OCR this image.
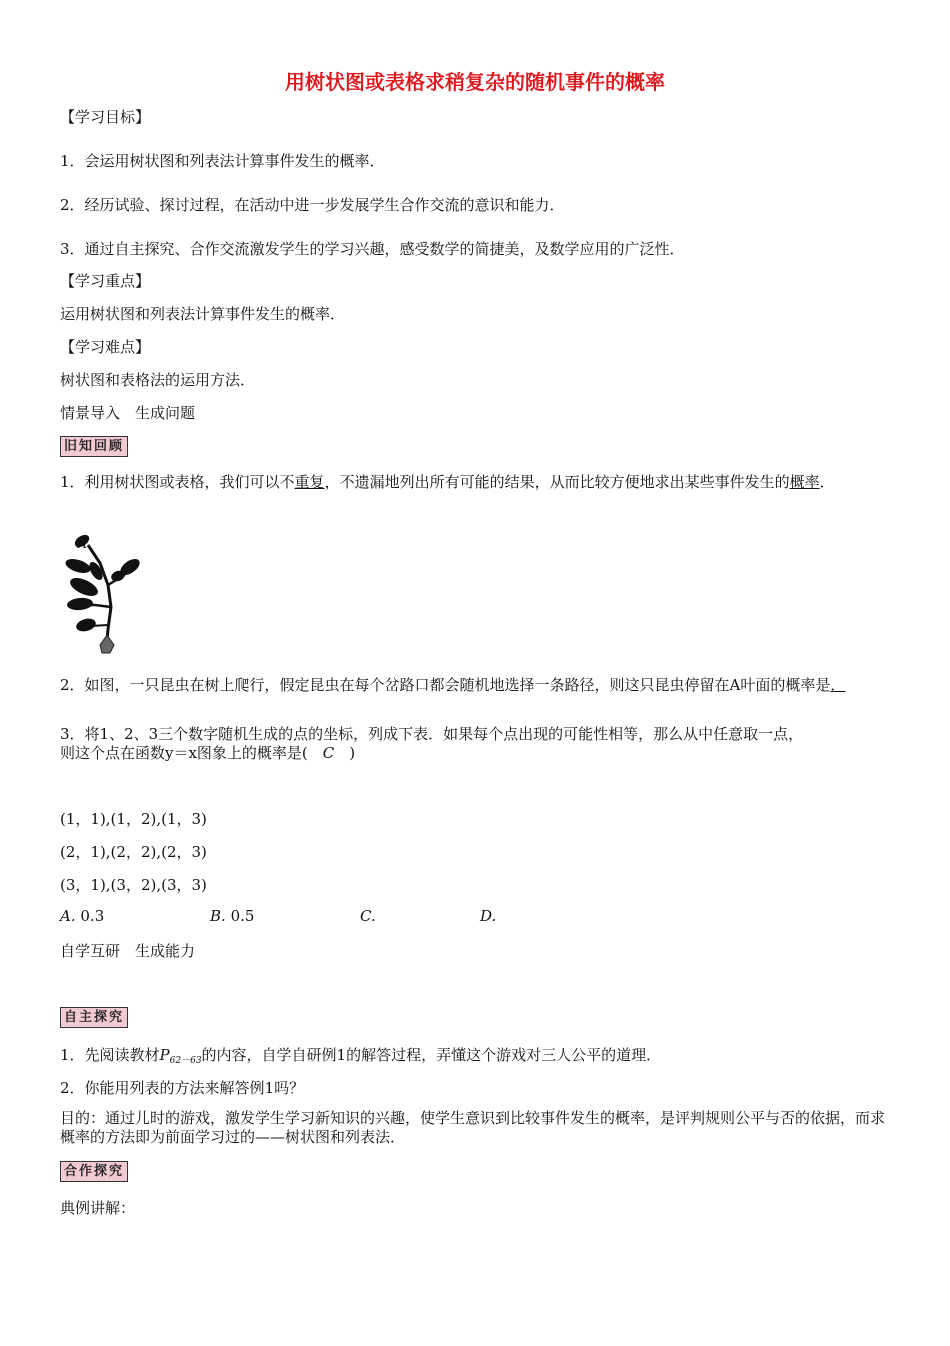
用树状图或表格求稍复杂的随机事件的概率
【学习目标】
1．会运用树状图和列表法计算事件发生的概率．
2．经历试验、探讨过程，在活动中进一步发展学生合作交流的意识和能力．
3．通过自主探究、合作交流激发学生的学习兴趣，感受数学的简捷美，及数学应用的广泛性．
【学习重点】
运用树状图和列表法计算事件发生的概率．
【学习难点】
树状图和表格法的运用方法．
情景导入　生成问题
旧知回顾
1．利用树状图或表格，我们可以不重复，不遗漏地列出所有可能的结果，从而比较方便地求出某些事件发生的概率．
A
2．如图，一只昆虫在树上爬行，假定昆虫在每个岔路口都会随机地选择一条路径，则这只昆虫停留在A叶面的概率是．
3．将1、2、3三个数字随机生成的点的坐标，列成下表．如果每个点出现的可能性相等，那么从中任意取一点，
则这个点在函数y＝x图象上的概率是(　C　)
(1，1),(1，2),(1，3)
(2，1),(2，2),(2，3)
(3，1),(3，2),(3，3)
A. 0.3	B. 0.5	C.	D.
自学互研　生成能力
自主探究
1．先阅读教材$P_{62-63}$的内容，自学自研例1的解答过程，弄懂这个游戏对三人公平的道理．
2．你能用列表的方法来解答例1吗？
目的：通过儿时的游戏，激发学生学习新知识的兴趣，使学生意识到比较事件发生的概率，是评判规则公平与否的依据，而求概率的方法即为前面学习过的——树状图和列表法．
合作探究
典例讲解：
